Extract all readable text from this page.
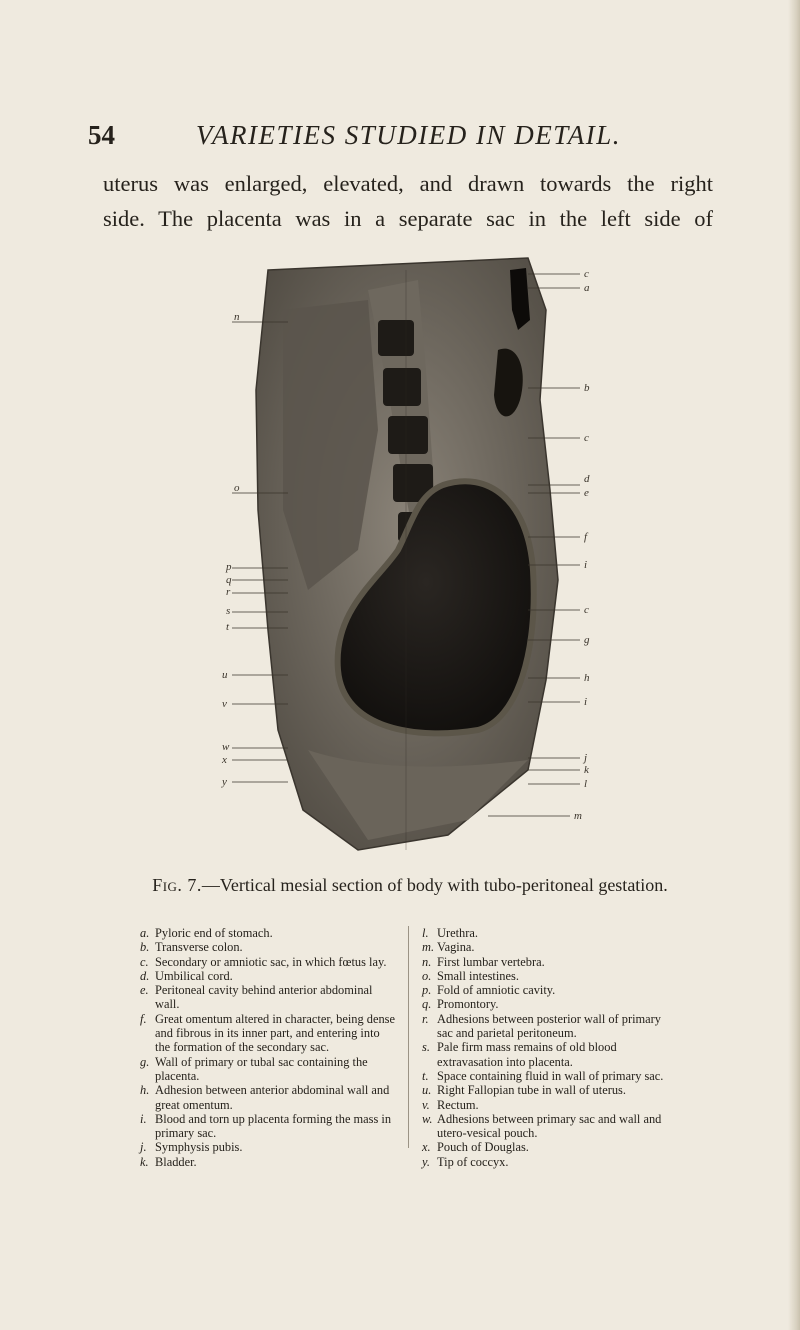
54	VARIETIES STUDIED IN DETAIL.
uterus was enlarged, elevated, and drawn towards the right
side. The placenta was in a separate sac in the left side of
n
o
p
q
r
s
t
u
v
w
x
y
c
a
b
c
d
e
f
i
c
g
h
i
j
k
l
m
Fig. 7.—Vertical mesial section of body with tubo-peritoneal gestation.

a. Pyloric end of stomach.

b. Transverse colon.

c. Secondary or amniotic sac, in which fœtus lay.

d. Umbilical cord.

e. Peritoneal cavity behind anterior abdominal wall.

f. Great omentum altered in character, being dense and fibrous in its inner part, and entering into the formation of the secondary sac.

g. Wall of primary or tubal sac containing the placenta.

h. Adhesion between anterior abdominal wall and great omentum.

i. Blood and torn up placenta forming the mass in primary sac.

j. Symphysis pubis.

k. Bladder.

l. Urethra.

m. Vagina.

n. First lumbar vertebra.

o. Small intestines.

p. Fold of amniotic cavity.

q. Promontory.

r. Adhesions between posterior wall of primary sac and parietal peritoneum.

s. Pale firm mass remains of old blood extravasation into placenta.

t. Space containing fluid in wall of primary sac.

u. Right Fallopian tube in wall of uterus.

v. Rectum.

w. Adhesions between primary sac and wall and utero-vesical pouch.

x. Pouch of Douglas.

y. Tip of coccyx.
